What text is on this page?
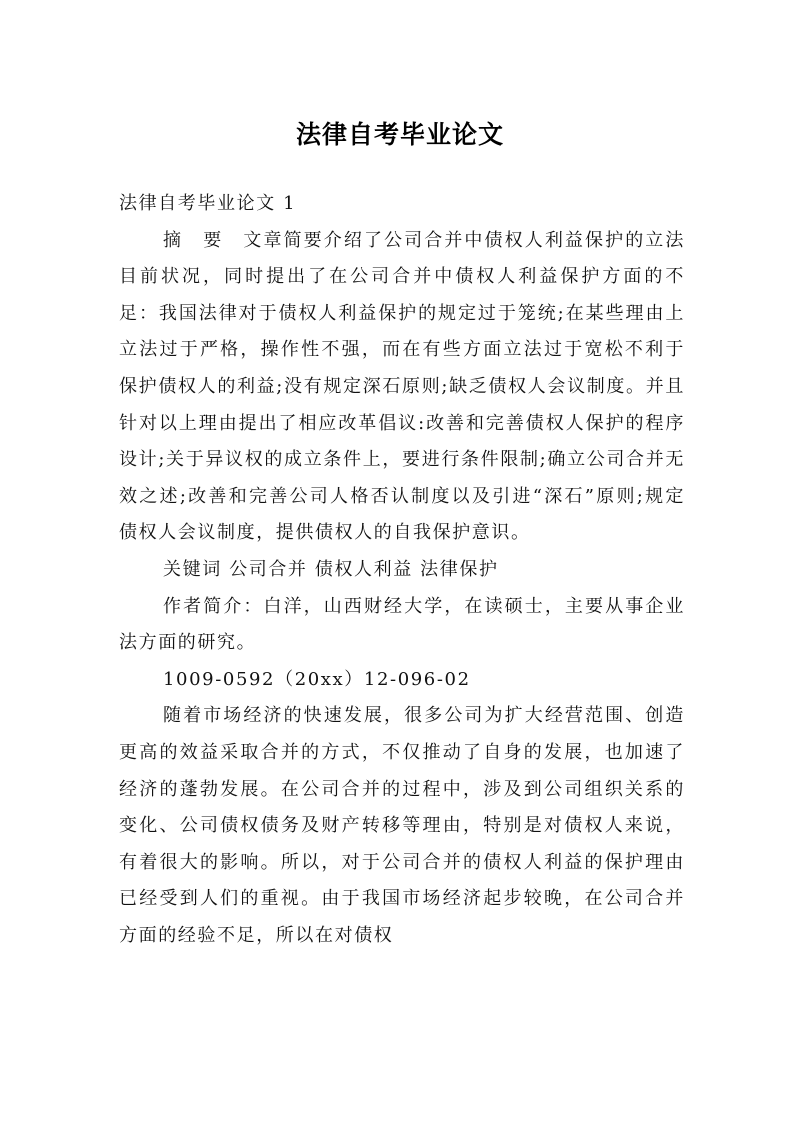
法律自考毕业论文

法律自考毕业论文 1

摘　要　文章简要介绍了公司合并中债权人利益保护的立法目前状况，同时提出了在公司合并中债权人利益保护方面的不足：我国法律对于债权人利益保护的规定过于笼统;在某些理由上立法过于严格，操作性不强，而在有些方面立法过于宽松不利于保护债权人的利益;没有规定深石原则;缺乏债权人会议制度。并且针对以上理由提出了相应改革倡议:改善和完善债权人保护的程序设计;关于异议权的成立条件上，要进行条件限制;确立公司合并无效之述;改善和完善公司人格否认制度以及引进“深石”原则;规定债权人会议制度，提供债权人的自我保护意识。

关键词 公司合并 债权人利益 法律保护

作者简介：白洋，山西财经大学，在读硕士，主要从事企业法方面的研究。

1009-0592（20xx）12-096-02

随着市场经济的快速发展，很多公司为扩大经营范围、创造更高的效益采取合并的方式，不仅推动了自身的发展，也加速了经济的蓬勃发展。在公司合并的过程中，涉及到公司组织关系的变化、公司债权债务及财产转移等理由，特别是对债权人来说，有着很大的影响。所以，对于公司合并的债权人利益的保护理由已经受到人们的重视。由于我国市场经济起步较晚，在公司合并方面的经验不足，所以在对债权
